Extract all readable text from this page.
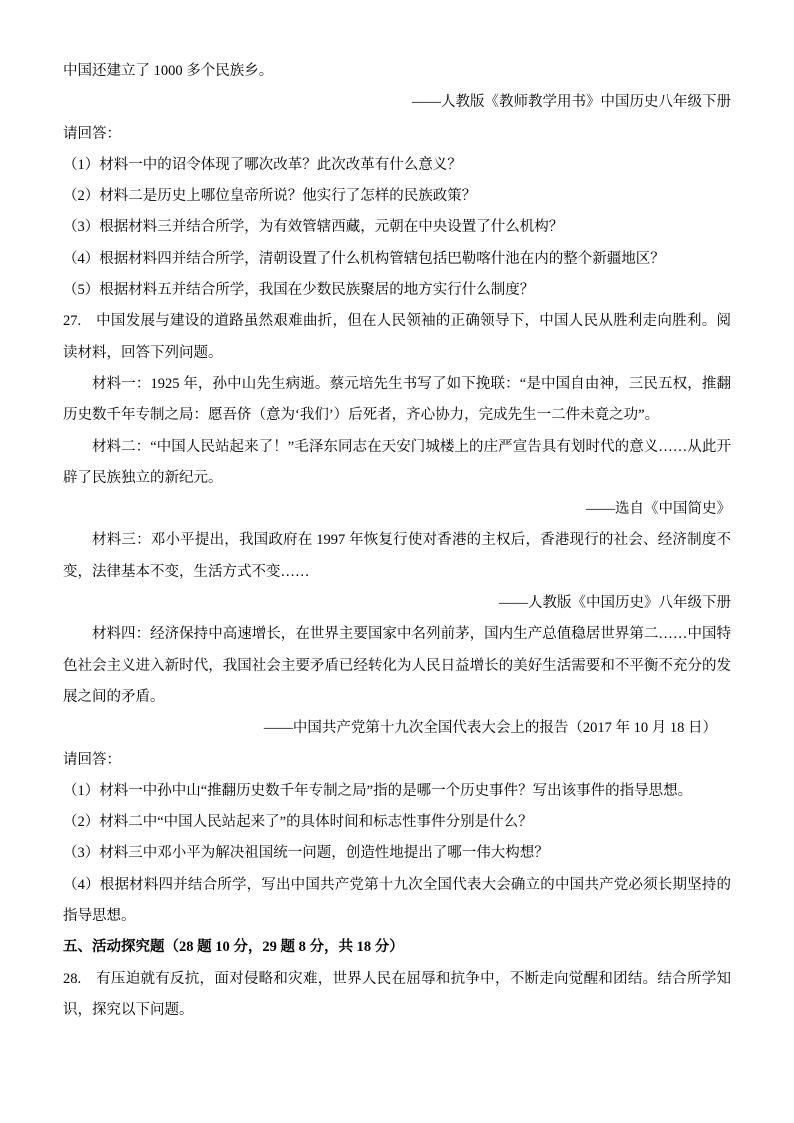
中国还建立了 1000 多个民族乡。
——人教版《教师教学用书》中国历史八年级下册
请回答：
（1）材料一中的诏令体现了哪次改革？此次改革有什么意义？
（2）材料二是历史上哪位皇帝所说？他实行了怎样的民族政策？
（3）根据材料三并结合所学，为有效管辖西藏，元朝在中央设置了什么机构？
（4）根据材料四并结合所学，清朝设置了什么机构管辖包括巴勒喀什池在内的整个新疆地区？
（5）根据材料五并结合所学，我国在少数民族聚居的地方实行什么制度？
27.　中国发展与建设的道路虽然艰难曲折，但在人民领袖的正确领导下，中国人民从胜利走向胜利。阅读材料，回答下列问题。
材料一：1925 年，孙中山先生病逝。蔡元培先生书写了如下挽联：“是中国自由神，三民五权，推翻历史数千年专制之局：愿吾侪（意为‘我们’）后死者，齐心协力，完成先生一二件未竟之功”。
材料二：“中国人民站起来了！”毛泽东同志在天安门城楼上的庄严宣告具有划时代的意义……从此开辟了民族独立的新纪元。
——选自《中国简史》
材料三：邓小平提出，我国政府在 1997 年恢复行使对香港的主权后，香港现行的社会、经济制度不变，法律基本不变，生活方式不变……
——人教版《中国历史》八年级下册
材料四：经济保持中高速增长，在世界主要国家中名列前茅，国内生产总值稳居世界第二……中国特色社会主义进入新时代，我国社会主要矛盾已经转化为人民日益增长的美好生活需要和不平衡不充分的发展之间的矛盾。
——中国共产党第十九次全国代表大会上的报告（2017 年 10 月 18 日）
请回答：
（1）材料一中孙中山“推翻历史数千年专制之局”指的是哪一个历史事件？写出该事件的指导思想。
（2）材料二中“中国人民站起来了”的具体时间和标志性事件分别是什么？
（3）材料三中邓小平为解决祖国统一问题，创造性地提出了哪一伟大构想？
（4）根据材料四并结合所学，写出中国共产党第十九次全国代表大会确立的中国共产党必须长期坚持的指导思想。
五、活动探究题（28 题 10 分，29 题 8 分，共 18 分）
28.　有压迫就有反抗，面对侵略和灾难，世界人民在屈辱和抗争中，不断走向觉醒和团结。结合所学知识，探究以下问题。
